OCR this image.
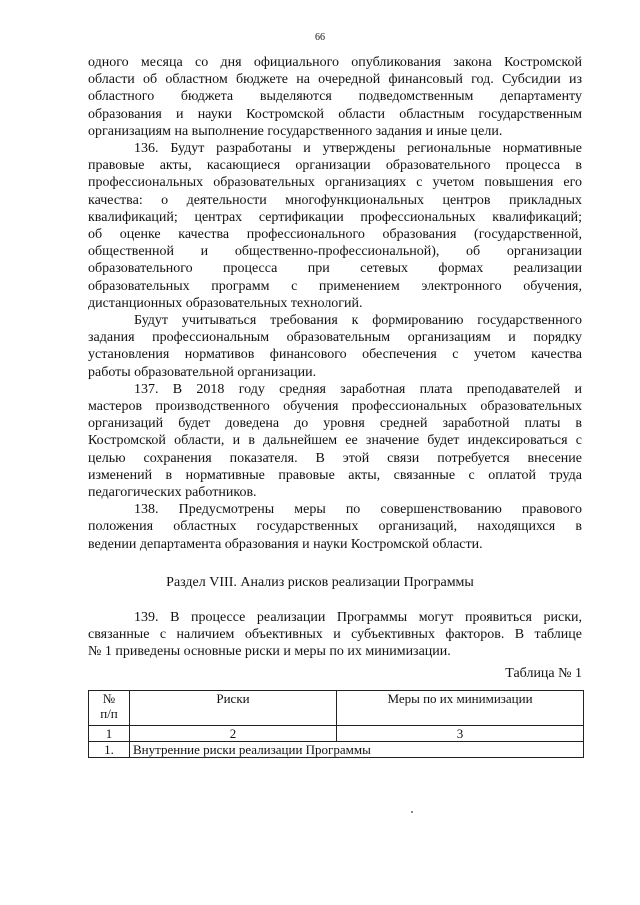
66
одного месяца со дня официального опубликования закона Костромской
области об областном бюджете на очередной финансовый год. Субсидии из
областного бюджета выделяются подведомственным департаменту
образования и науки Костромской области областным государственным
организациям на выполнение государственного задания и иные цели.
136. Будут разработаны и утверждены региональные нормативные
правовые акты, касающиеся организации образовательного процесса в
профессиональных образовательных организациях с учетом повышения его
качества: о деятельности многофункциональных центров прикладных
квалификаций; центрах сертификации профессиональных квалификаций;
об оценке качества профессионального образования (государственной,
общественной и общественно-профессиональной), об организации
образовательного процесса при сетевых формах реализации
образовательных программ с применением электронного обучения,
дистанционных образовательных технологий.
Будут учитываться требования к формированию государственного
задания профессиональным образовательным организациям и порядку
установления нормативов финансового обеспечения с учетом качества
работы образовательной организации.
137. В 2018 году средняя заработная плата преподавателей и
мастеров производственного обучения профессиональных образовательных
организаций будет доведена до уровня средней заработной платы в
Костромской области, и в дальнейшем ее значение будет индексироваться с
целью сохранения показателя. В этой связи потребуется внесение
изменений в нормативные правовые акты, связанные с оплатой труда
педагогических работников.
138. Предусмотрены меры по совершенствованию правового
положения областных государственных организаций, находящихся в
ведении департамента образования и науки Костромской области.
Раздел VIII. Анализ рисков реализации Программы
139. В процессе реализации Программы могут проявиться риски,
связанные с наличием объективных и субъективных факторов. В таблице
№ 1 приведены основные риски и меры по их минимизации.
Таблица № 1
№
п/п	Риски	Меры по их минимизации
1	2	3
1.	Внутренние риски реализации Программы	
